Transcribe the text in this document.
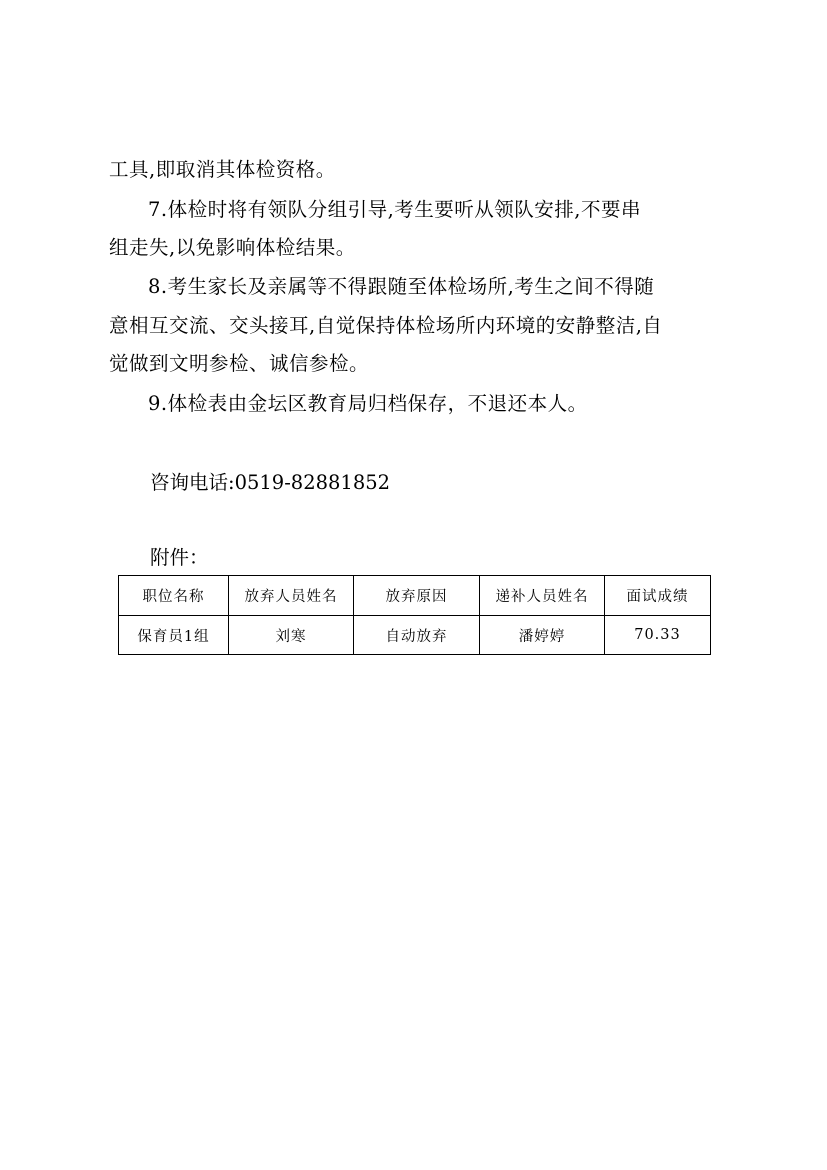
工具,即取消其体检资格。
7.体检时将有领队分组引导,考生要听从领队安排,不要串
组走失,以免影响体检结果。
8.考生家长及亲属等不得跟随至体检场所,考生之间不得随
意相互交流、交头接耳,自觉保持体检场所内环境的安静整洁,自
觉做到文明参检、诚信参检。
9.体检表由金坛区教育局归档保存，不退还本人。
咨询电话:0519-82881852
附件：
职位名称	放弃人员姓名	放弃原因	递补人员姓名	面试成绩
保育员1组	刘寒	自动放弃	潘婷婷	70.33
